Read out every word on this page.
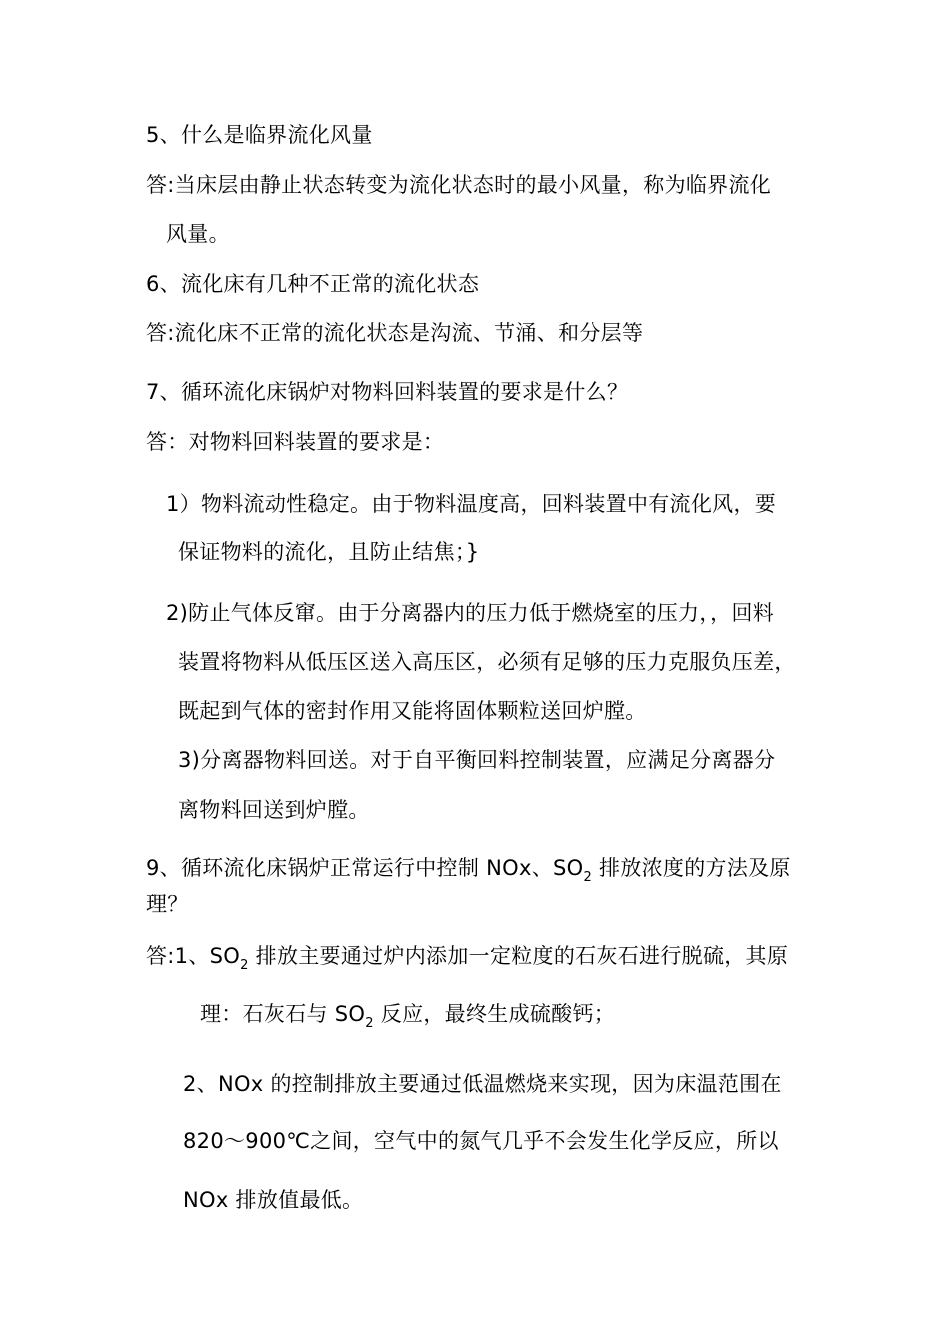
5、什么是临界流化风量
答:当床层由静止状态转变为流化状态时的最小风量，称为临界流化
风量。
6、流化床有几种不正常的流化状态
答:流化床不正常的流化状态是沟流、节涌、和分层等
7、循环流化床锅炉对物料回料装置的要求是什么？
答：对物料回料装置的要求是：
1）物料流动性稳定。由于物料温度高，回料装置中有流化风，要
保证物料的流化，且防止结焦；}
2)防止气体反窜。由于分离器内的压力低于燃烧室的压力，，回料
装置将物料从低压区送入高压区，必须有足够的压力克服负压差，
既起到气体的密封作用又能将固体颗粒送回炉膛。
3)分离器物料回送。对于自平衡回料控制装置，应满足分离器分
离物料回送到炉膛。
9、循环流化床锅炉正常运行中控制 NOx、$SO_2$ 排放浓度的方法及原
理？
答:1、$SO_2$ 排放主要通过炉内添加一定粒度的石灰石进行脱硫，其原
理：石灰石与 $SO_2$ 反应，最终生成硫酸钙；
2、NOx 的控制排放主要通过低温燃烧来实现，因为床温范围在
820～900℃之间，空气中的氮气几乎不会发生化学反应，所以
NOx 排放值最低。
